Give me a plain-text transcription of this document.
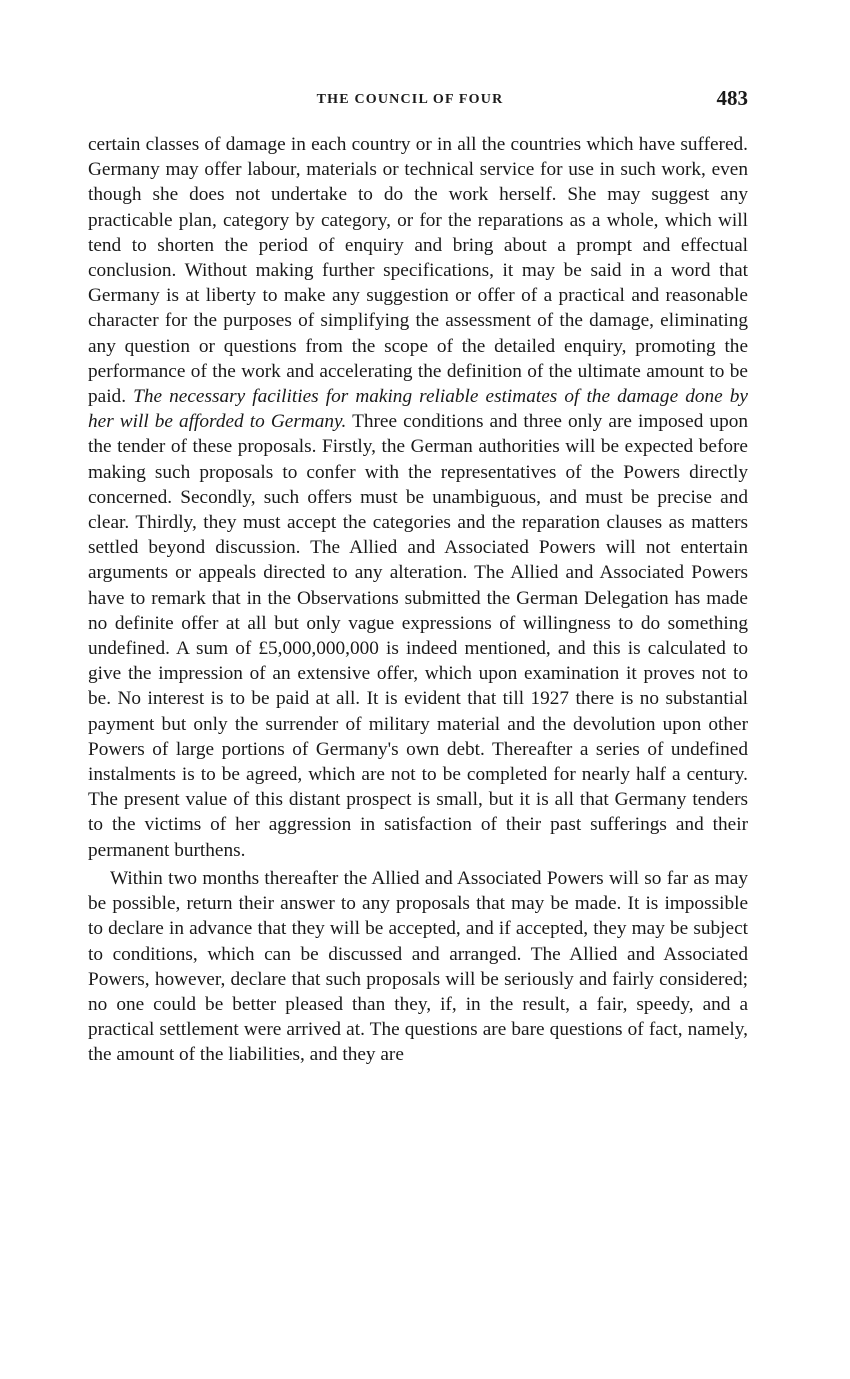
THE COUNCIL OF FOUR	483

certain classes of damage in each country or in all the countries which have suffered. Germany may offer labour, materials or technical service for use in such work, even though she does not undertake to do the work herself. She may suggest any practicable plan, category by category, or for the reparations as a whole, which will tend to shorten the period of enquiry and bring about a prompt and effectual conclusion. Without making further specifications, it may be said in a word that Germany is at liberty to make any suggestion or offer of a practical and reasonable character for the purposes of simplifying the assessment of the damage, eliminating any question or questions from the scope of the detailed enquiry, promoting the performance of the work and accelerating the definition of the ultimate amount to be paid. The necessary facilities for making reliable estimates of the damage done by her will be afforded to Germany. Three conditions and three only are imposed upon the tender of these proposals. Firstly, the German authorities will be expected before making such proposals to confer with the representatives of the Powers directly concerned. Secondly, such offers must be unambiguous, and must be precise and clear. Thirdly, they must accept the categories and the reparation clauses as matters settled beyond discussion. The Allied and Associated Powers will not entertain arguments or appeals directed to any alteration. The Allied and Associated Powers have to remark that in the Observations submitted the German Delegation has made no definite offer at all but only vague expressions of willingness to do something undefined. A sum of £5,000,000,000 is indeed mentioned, and this is calculated to give the impression of an extensive offer, which upon examination it proves not to be. No interest is to be paid at all. It is evident that till 1927 there is no substantial payment but only the surrender of military material and the devolution upon other Powers of large portions of Germany's own debt. Thereafter a series of undefined instalments is to be agreed, which are not to be completed for nearly half a century. The present value of this distant prospect is small, but it is all that Germany tenders to the victims of her aggression in satisfaction of their past sufferings and their permanent burthens.

Within two months thereafter the Allied and Associated Powers will so far as may be possible, return their answer to any proposals that may be made. It is impossible to declare in advance that they will be accepted, and if accepted, they may be subject to conditions, which can be discussed and arranged. The Allied and Associated Powers, however, declare that such proposals will be seriously and fairly considered; no one could be better pleased than they, if, in the result, a fair, speedy, and a practical settlement were arrived at. The questions are bare questions of fact, namely, the amount of the liabilities, and they are
